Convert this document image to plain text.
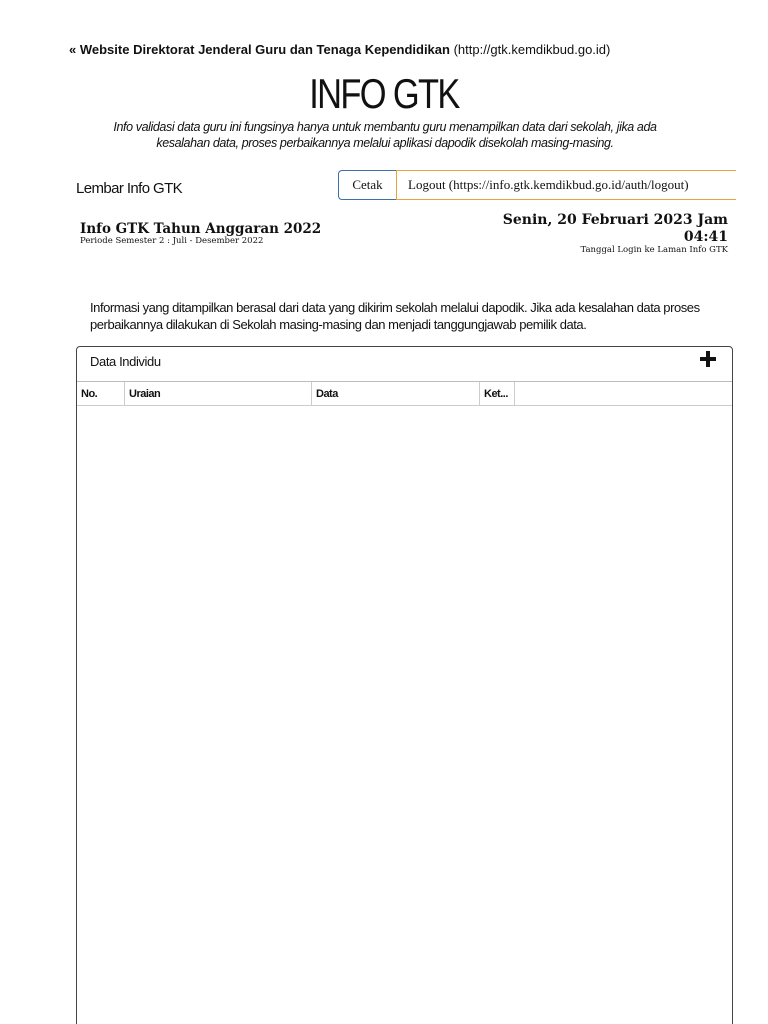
« Website Direktorat Jenderal Guru dan Tenaga Kependidikan (http://gtk.kemdikbud.go.id)
INFO GTK
Info validasi data guru ini fungsinya hanya untuk membantu guru menampilkan data dari sekolah, jika ada kesalahan data, proses perbaikannya melalui aplikasi dapodik disekolah masing-masing.
Lembar Info GTK	Cetak	Logout (https://info.gtk.kemdikbud.go.id/auth/logout)
Info GTK Tahun Anggaran 2022
Periode Semester 2 : Juli - Desember 2022
Senin, 20 Februari 2023 Jam 04:41
Tanggal Login ke Laman Info GTK
Informasi yang ditampilkan berasal dari data yang dikirim sekolah melalui dapodik. Jika ada kesalahan data proses perbaikannya dilakukan di Sekolah masing-masing dan menjadi tanggungjawab pemilik data.
Data Individu
No.	Uraian	Data	Ket...	
